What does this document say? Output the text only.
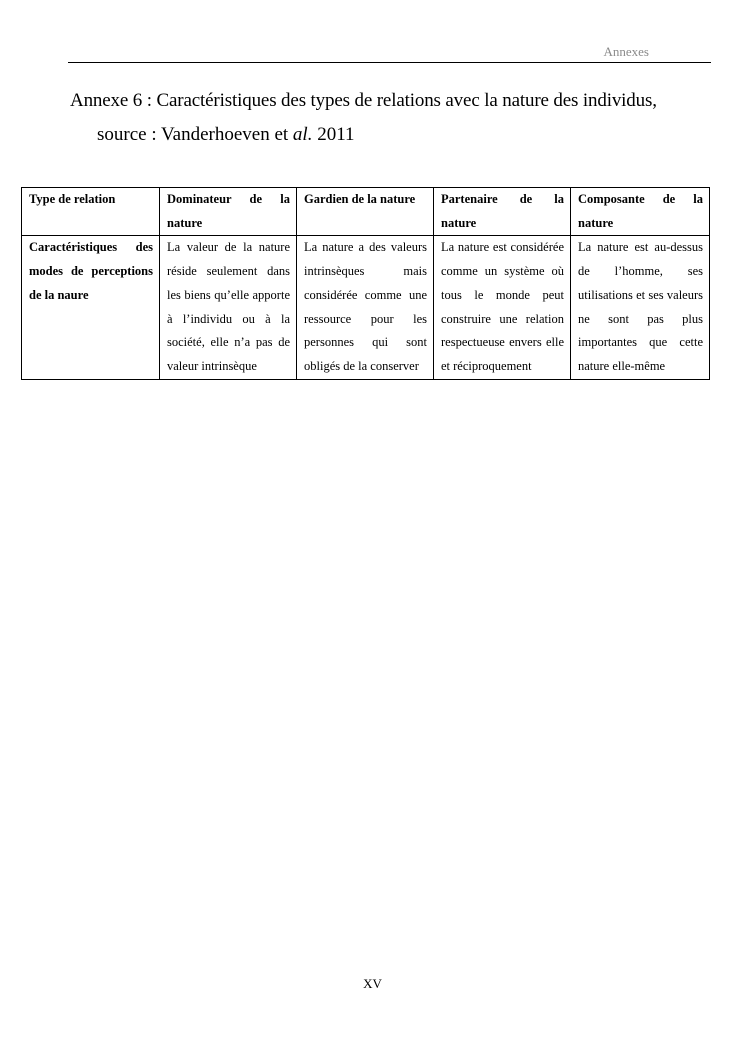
Annexes
Annexe 6 : Caractéristiques des types de relations avec la nature des individus,
source : Vanderhoeven et al. 2011
Type de relation	Dominateur de la nature	Gardien de la nature	Partenaire de la nature	Composante de la nature
Caractéristiques des modes de perceptions de la naure	La valeur de la nature réside seulement dans les biens qu’elle apporte à l’individu ou à la société, elle n’a pas de valeur intrinsèque	La nature a des valeurs intrinsèques mais considérée comme une ressource pour les personnes qui sont obligés de la conserver	La nature est considérée comme un système où tous le monde peut construire une relation respectueuse envers elle et réciproquement	La nature est au-dessus de l’homme, ses utilisations et ses valeurs ne sont pas plus importantes que cette nature elle-même
XV
